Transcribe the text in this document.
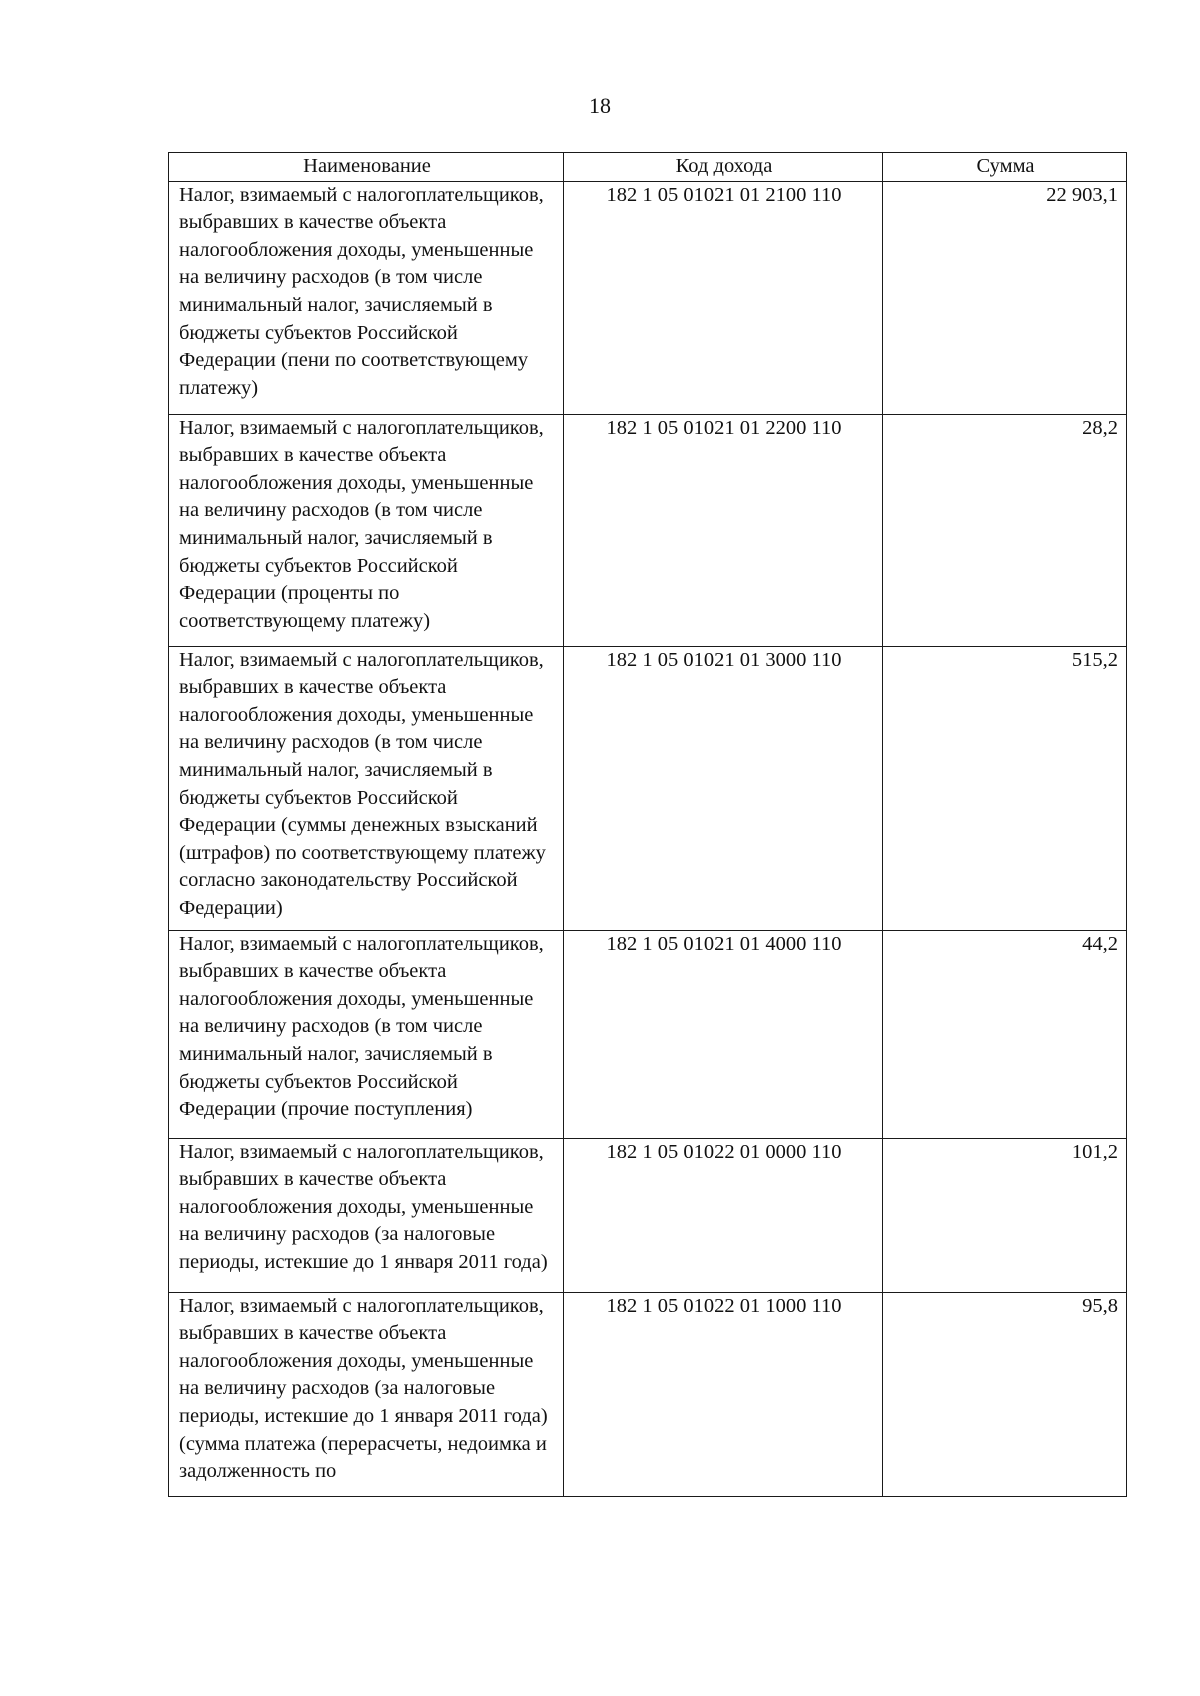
18
Наименование	Код дохода	Сумма
Налог, взимаемый с налогоплательщиков, выбравших в качестве объекта налогообложения доходы, уменьшенные на величину расходов (в том числе минимальный налог, зачисляемый в бюджеты субъектов Российской Федерации (пени по соответствующему платежу)	182 1 05 01021 01 2100 110	22 903,1
Налог, взимаемый с налогоплательщиков, выбравших в качестве объекта налогообложения доходы, уменьшенные на величину расходов (в том числе минимальный налог, зачисляемый в бюджеты субъектов Российской Федерации (проценты по соответствующему платежу)	182 1 05 01021 01 2200 110	28,2
Налог, взимаемый с налогоплательщиков, выбравших в качестве объекта налогообложения доходы, уменьшенные на величину расходов (в том числе минимальный налог, зачисляемый в бюджеты субъектов Российской Федерации (суммы денежных взысканий (штрафов) по соответствующему платежу согласно законодательству Российской Федерации)	182 1 05 01021 01 3000 110	515,2
Налог, взимаемый с налогоплательщиков, выбравших в качестве объекта налогообложения доходы, уменьшенные на величину расходов (в том числе минимальный налог, зачисляемый в бюджеты субъектов Российской Федерации (прочие поступления)	182 1 05 01021 01 4000 110	44,2
Налог, взимаемый с налогоплательщиков, выбравших в качестве объекта налогообложения доходы, уменьшенные на величину расходов (за налоговые периоды, истекшие до 1 января 2011 года)	182 1 05 01022 01 0000 110	101,2
Налог, взимаемый с налогоплательщиков, выбравших в качестве объекта налогообложения доходы, уменьшенные на величину расходов (за налоговые периоды, истекшие до 1 января 2011 года) (сумма платежа (перерасчеты, недоимка и задолженность по	182 1 05 01022 01 1000 110	95,8
